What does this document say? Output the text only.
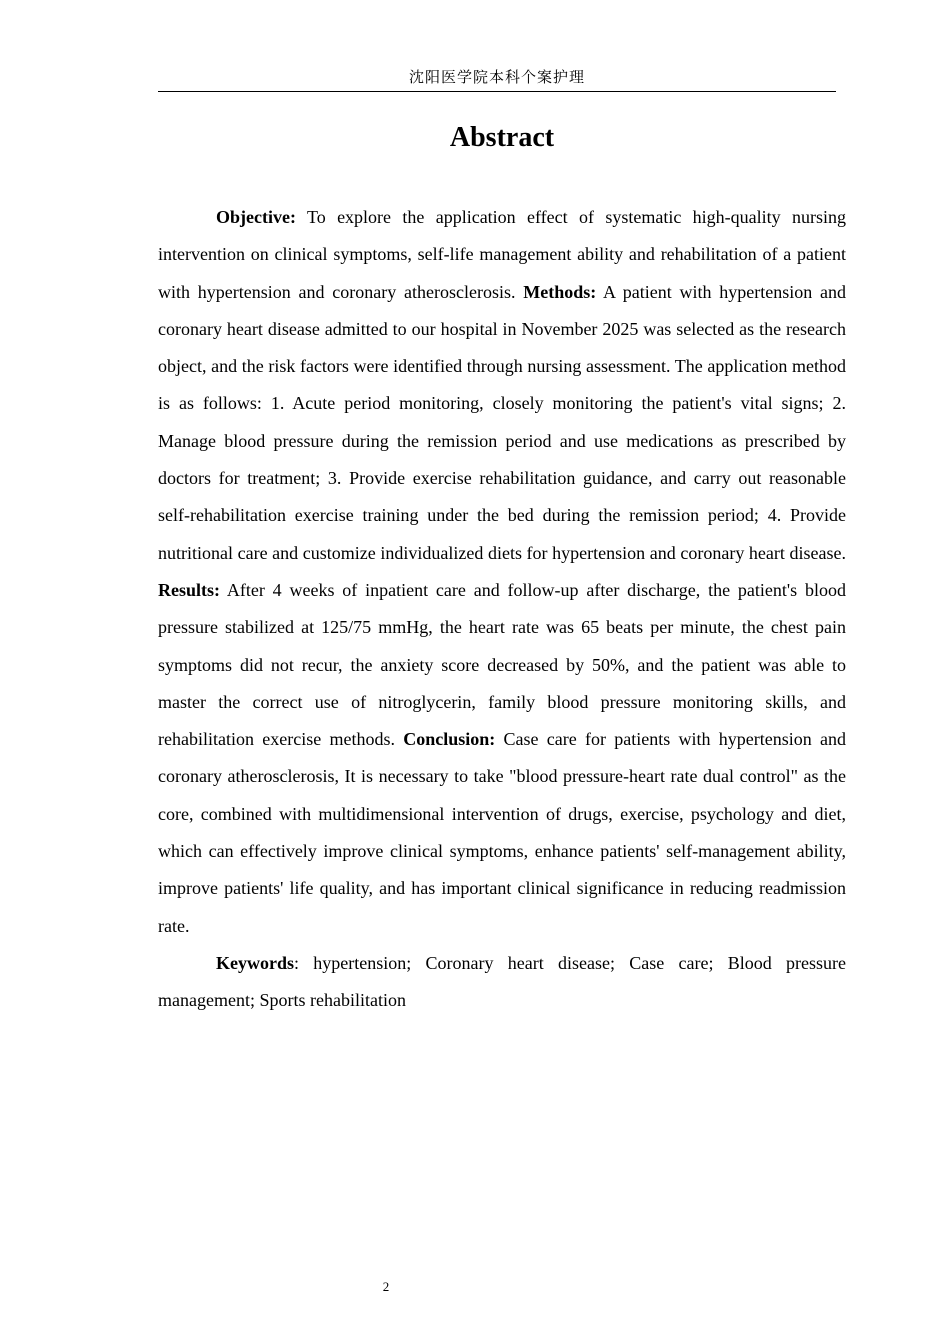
沈阳医学院本科个案护理
Abstract

Objective: To explore the application effect of systematic high-quality nursing intervention on clinical symptoms, self-life management ability and rehabilitation of a patient with hypertension and coronary atherosclerosis. Methods: A patient with hypertension and coronary heart disease admitted to our hospital in November 2025 was selected as the research object, and the risk factors were identified through nursing assessment. The application method is as follows: 1. Acute period monitoring, closely monitoring the patient's vital signs; 2. Manage blood pressure during the remission period and use medications as prescribed by doctors for treatment; 3. Provide exercise rehabilitation guidance, and carry out reasonable self-rehabilitation exercise training under the bed during the remission period; 4. Provide nutritional care and customize individualized diets for hypertension and coronary heart disease. Results: After 4 weeks of inpatient care and follow-up after discharge, the patient's blood pressure stabilized at 125/75 mmHg, the heart rate was 65 beats per minute, the chest pain symptoms did not recur, the anxiety score decreased by 50%, and the patient was able to master the correct use of nitroglycerin, family blood pressure monitoring skills, and rehabilitation exercise methods. Conclusion: Case care for patients with hypertension and coronary atherosclerosis, It is necessary to take "blood pressure-heart rate dual control" as the core, combined with multidimensional intervention of drugs, exercise, psychology and diet, which can effectively improve clinical symptoms, enhance patients' self-management ability, improve patients' life quality, and has important clinical significance in reducing readmission rate.

Keywords: hypertension; Coronary heart disease; Case care; Blood pressure management; Sports rehabilitation

2
